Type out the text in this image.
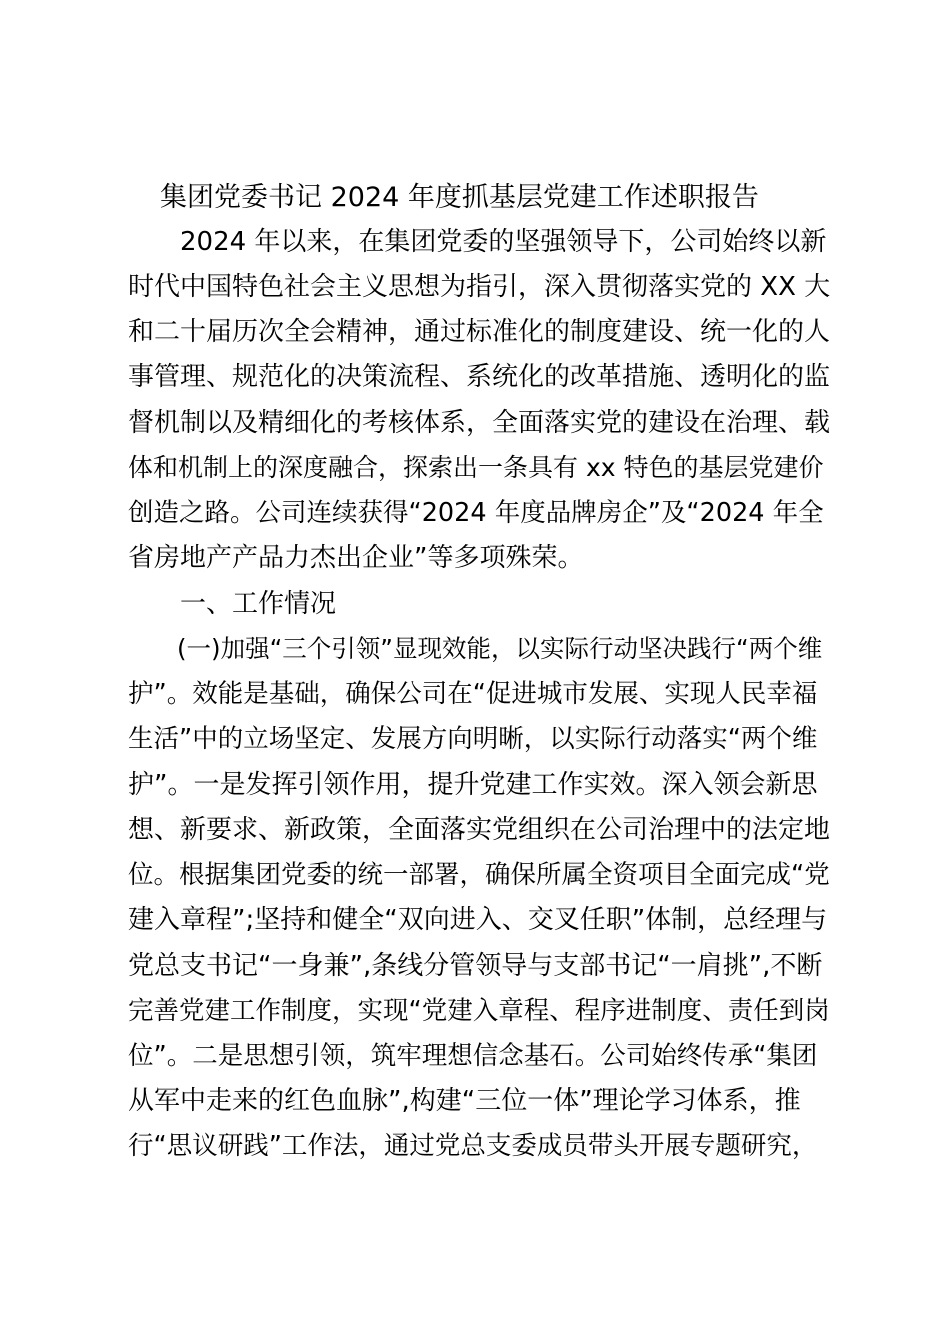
集团党委书记 2024 年度抓基层党建工作述职报告
　　2024 年以来，在集团党委的坚强领导下，公司始终以新
时代中国特色社会主义思想为指引，深入贯彻落实党的 XX 大
和二十届历次全会精神，通过标准化的制度建设、统一化的人
事管理、规范化的决策流程、系统化的改革措施、透明化的监
督机制以及精细化的考核体系，全面落实党的建设在治理、载
体和机制上的深度融合，探索出一条具有 xx 特色的基层党建价
创造之路。公司连续获得“2024 年度品牌房企”及“2024 年全
省房地产产品力杰出企业”等多项殊荣。
　　一、工作情况
　　(一)加强“三个引领”显现效能，以实际行动坚决践行“两个维
护”。效能是基础，确保公司在“促进城市发展、实现人民幸福
生活”中的立场坚定、发展方向明晰，以实际行动落实“两个维
护”。一是发挥引领作用，提升党建工作实效。深入领会新思
想、新要求、新政策，全面落实党组织在公司治理中的法定地
位。根据集团党委的统一部署，确保所属全资项目全面完成“党
建入章程”;坚持和健全“双向进入、交叉任职”体制，总经理与
党总支书记“一身兼”,条线分管领导与支部书记“一肩挑”,不断
完善党建工作制度，实现“党建入章程、程序进制度、责任到岗
位”。二是思想引领，筑牢理想信念基石。公司始终传承“集团
从军中走来的红色血脉”,构建“三位一体”理论学习体系，推
行“思议研践”工作法，通过党总支委成员带头开展专题研究，
